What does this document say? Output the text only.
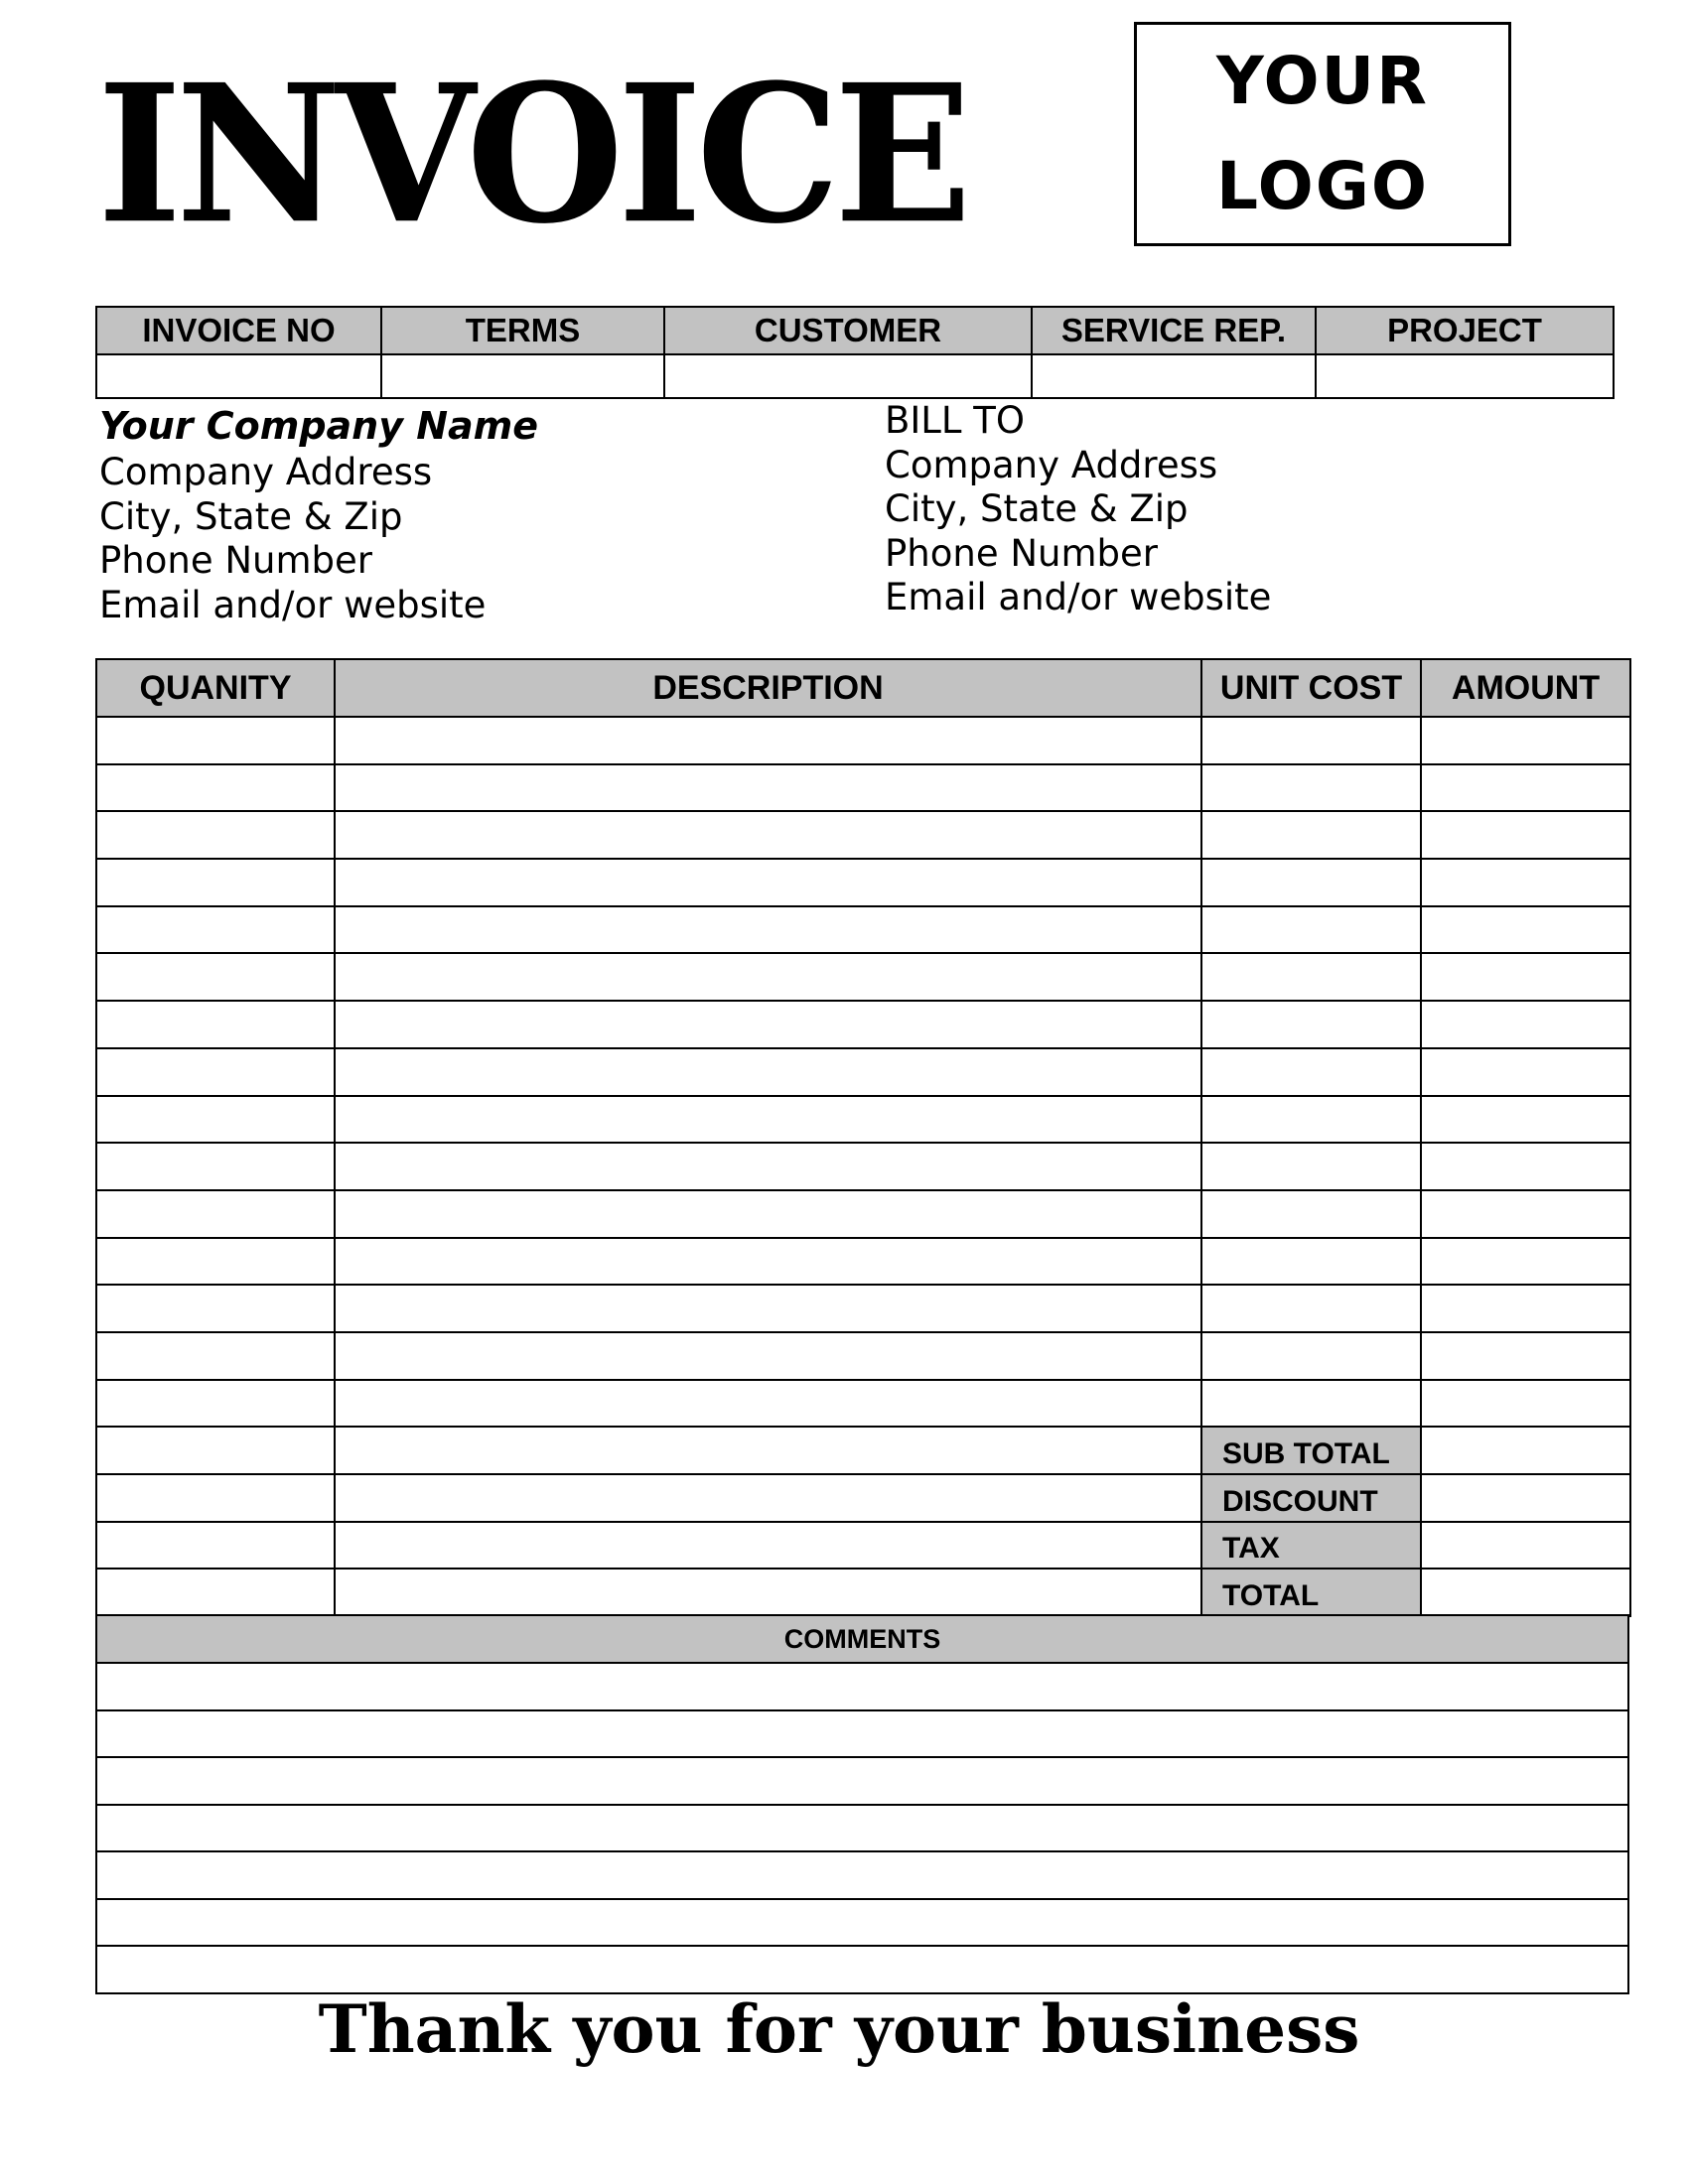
INVOICE	YOUR
LOGO
INVOICE NO	TERMS	CUSTOMER	SERVICE REP.	PROJECT

Your Company Name
Company Address
City, State & Zip
Phone Number
Email and/or website
BILL TO
Company Address
City, State & Zip
Phone Number
Email and/or website
QUANITY	DESCRIPTION	UNIT COST	AMOUNT

		SUB TOTAL	
		DISCOUNT	
		TAX	
		TOTAL	
COMMENTS

Thank you for your business
